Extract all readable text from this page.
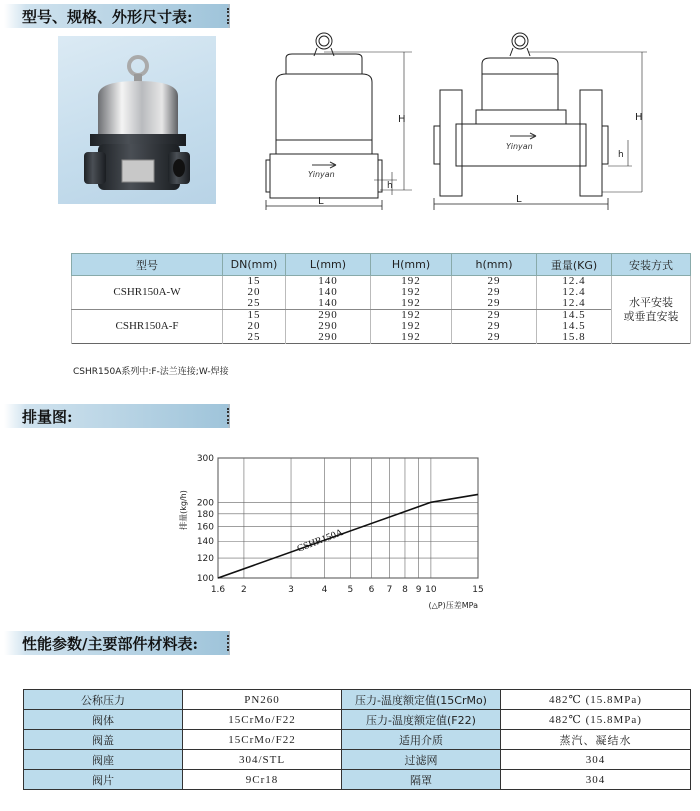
型号、规格、外形尺寸表:
Yinyan
H
L
h
Yinyan
H
L
h
型号	DN(mm)	L(mm)	H(mm)	h(mm)	重量(KG)	安装方式
CSHR150A-W	15	140	192	29	12.4	水平安装
或垂直安装
	20	140	192	29	12.4	
	25	140	192	29	12.4	
CSHR150A-F	15	290	192	29	14.5	
	20	290	192	29	14.5	
	25	290	192	29	15.8	
CSHR150A系列中:F-法兰连接;W-焊接
排量图:
1.6 2	3	4 5 6 7 8 9 10	15
100
120
140
160
180
200
300
CSHR150A
排量(kg/h)
(△P)压差MPa
性能参数/主要部件材料表:
公称压力	PN260	压力-温度额定值(15CrMo)	482℃ (15.8MPa)
阀体	15CrMo/F22	压力-温度额定值(F22)	482℃ (15.8MPa)
阀盖	15CrMo/F22	适用介质	蒸汽、凝结水
阀座	304/STL	过滤网	304
阀片	9Cr18	隔罩	304
